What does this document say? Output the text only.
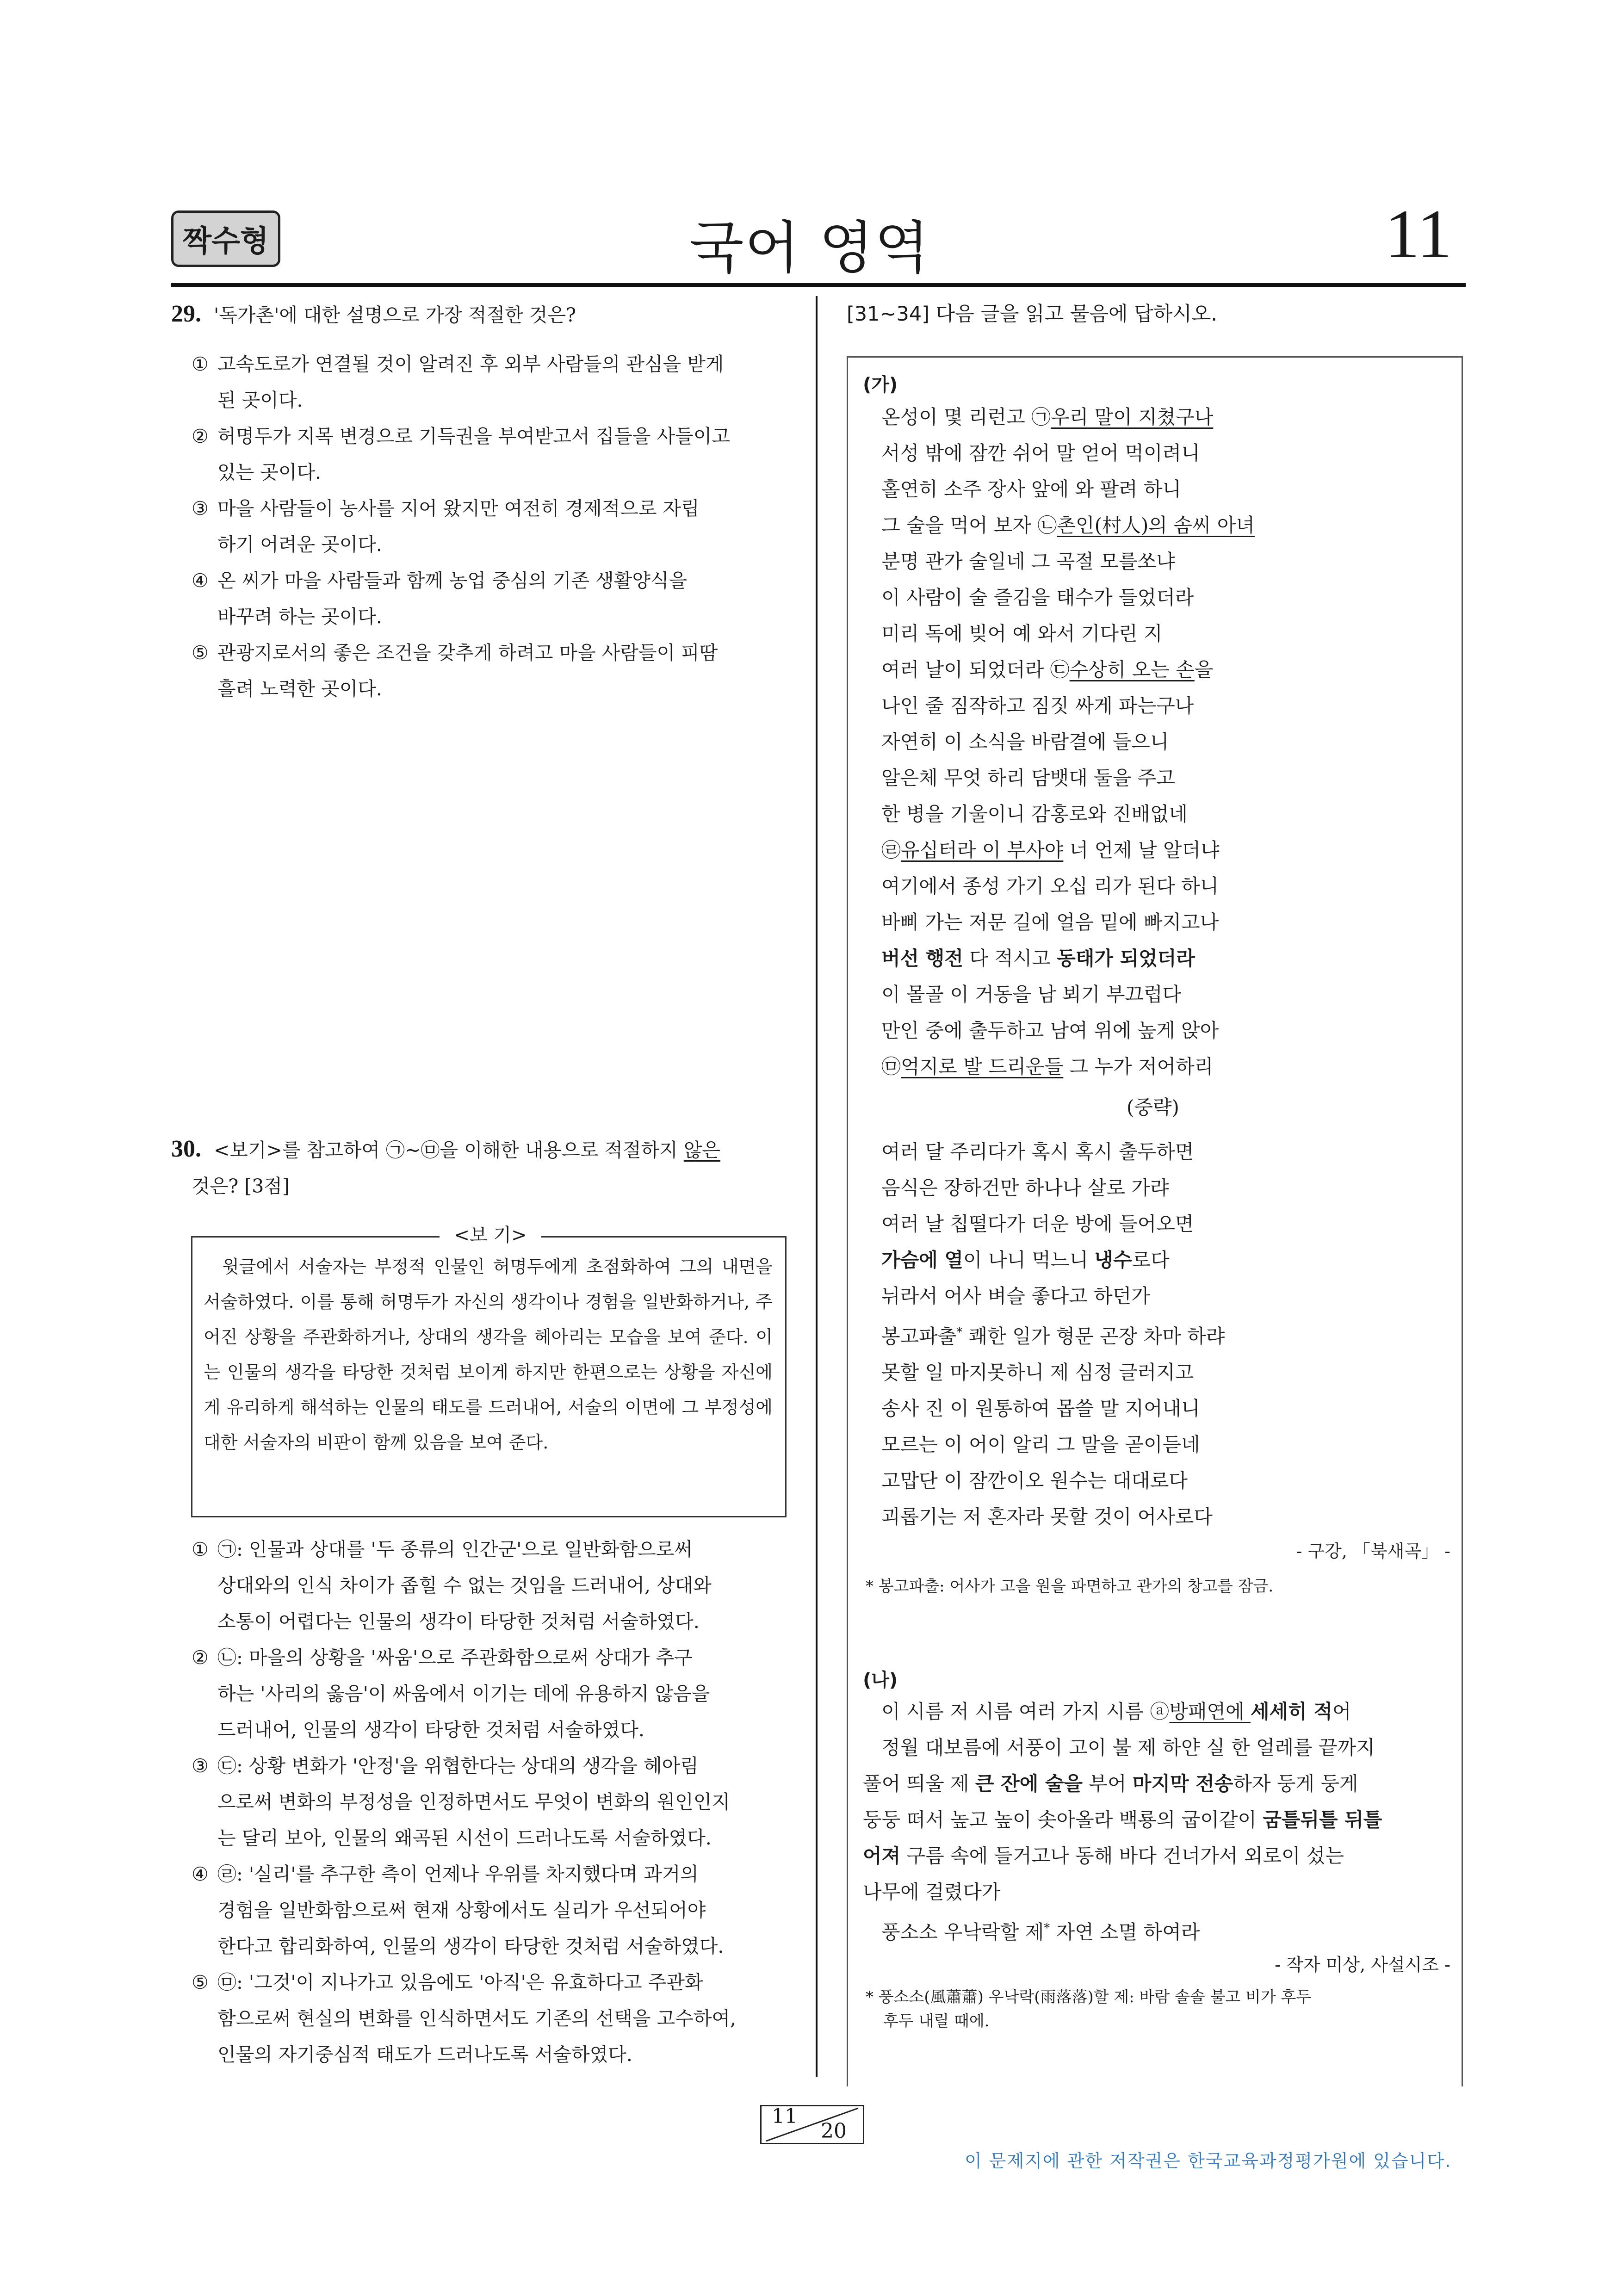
짝수형	국어 영역	11
29. '독가촌'에 대한 설명으로 가장 적절한 것은?
① 고속도로가 연결될 것이 알려진 후 외부 사람들의 관심을 받게
된 곳이다.
② 허명두가 지목 변경으로 기득권을 부여받고서 집들을 사들이고
있는 곳이다.
③ 마을 사람들이 농사를 지어 왔지만 여전히 경제적으로 자립
하기 어려운 곳이다.
④ 온 씨가 마을 사람들과 함께 농업 중심의 기존 생활양식을
바꾸려 하는 곳이다.
⑤ 관광지로서의 좋은 조건을 갖추게 하려고 마을 사람들이 피땀
흘려 노력한 곳이다.
30. <보기>를 참고하여 ㉠~㉤을 이해한 내용으로 적절하지 않은
것은? [3점]
<보 기>
윗글에서 서술자는 부정적 인물인 허명두에게 초점화하여 그의 내면을 서술하였다. 이를 통해 허명두가 자신의 생각이나 경험을 일반화하거나, 주어진 상황을 주관화하거나, 상대의 생각을 헤아리는 모습을 보여 준다. 이는 인물의 생각을 타당한 것처럼 보이게 하지만 한편으로는 상황을 자신에게 유리하게 해석하는 인물의 태도를 드러내어, 서술의 이면에 그 부정성에 대한 서술자의 비판이 함께 있음을 보여 준다.
① ㉠: 인물과 상대를 '두 종류의 인간군'으로 일반화함으로써
상대와의 인식 차이가 좁힐 수 없는 것임을 드러내어, 상대와
소통이 어렵다는 인물의 생각이 타당한 것처럼 서술하였다.
② ㉡: 마을의 상황을 '싸움'으로 주관화함으로써 상대가 추구
하는 '사리의 옳음'이 싸움에서 이기는 데에 유용하지 않음을
드러내어, 인물의 생각이 타당한 것처럼 서술하였다.
③ ㉢: 상황 변화가 '안정'을 위협한다는 상대의 생각을 헤아림
으로써 변화의 부정성을 인정하면서도 무엇이 변화의 원인인지
는 달리 보아, 인물의 왜곡된 시선이 드러나도록 서술하였다.
④ ㉣: '실리'를 추구한 측이 언제나 우위를 차지했다며 과거의
경험을 일반화함으로써 현재 상황에서도 실리가 우선되어야
한다고 합리화하여, 인물의 생각이 타당한 것처럼 서술하였다.
⑤ ㉤: '그것'이 지나가고 있음에도 '아직'은 유효하다고 주관화
함으로써 현실의 변화를 인식하면서도 기존의 선택을 고수하여,
인물의 자기중심적 태도가 드러나도록 서술하였다.
[31~34] 다음 글을 읽고 물음에 답하시오.
(가)
온성이 몇 리런고 ㉠우리 말이 지쳤구나
서성 밖에 잠깐 쉬어 말 얻어 먹이려니
홀연히 소주 장사 앞에 와 팔려 하니
그 술을 먹어 보자 ㉡촌인(村人)의 솜씨 아녀
분명 관가 술일네 그 곡절 모를쏘냐
이 사람이 술 즐김을 태수가 들었더라
미리 독에 빚어 예 와서 기다린 지
여러 날이 되었더라 ㉢수상히 오는 손을
나인 줄 짐작하고 짐짓 싸게 파는구나
자연히 이 소식을 바람결에 들으니
알은체 무엇 하리 담뱃대 둘을 주고
한 병을 기울이니 감홍로와 진배없네
㉣유십터라 이 부사야 너 언제 날 알더냐
여기에서 종성 가기 오십 리가 된다 하니
바삐 가는 저문 길에 얼음 밑에 빠지고나
버선 행전 다 적시고 동태가 되었더라
이 몰골 이 거동을 남 뵈기 부끄럽다
만인 중에 출두하고 남여 위에 높게 앉아
㉤억지로 발 드리운들 그 누가 저어하리
(중략)
여러 달 주리다가 혹시 혹시 출두하면
음식은 장하건만 하나나 살로 가랴
여러 날 칩떨다가 더운 방에 들어오면
가슴에 열이 나니 먹느니 냉수로다
뉘라서 어사 벼슬 좋다고 하던가
봉고파출* 쾌한 일가 형문 곤장 차마 하랴
못할 일 마지못하니 제 심정 글러지고
송사 진 이 원통하여 몹쓸 말 지어내니
모르는 이 어이 알리 그 말을 곧이듣네
고맙단 이 잠깐이오 원수는 대대로다
괴롭기는 저 혼자라 못할 것이 어사로다
- 구강, 「북새곡」 -
* 봉고파출: 어사가 고을 원을 파면하고 관가의 창고를 잠금.
(나)
이 시름 저 시름 여러 가지 시름 ⓐ방패연에 세세히 적어
정월 대보름에 서풍이 고이 불 제 하얀 실 한 얼레를 끝까지
풀어 띄울 제 큰 잔에 술을 부어 마지막 전송하자 둥게 둥게
둥둥 떠서 높고 높이 솟아올라 백룡의 굽이같이 굼틀뒤틀 뒤틀
어져 구름 속에 들거고나 동해 바다 건너가서 외로이 섰는
나무에 걸렸다가
풍소소 우낙락할 제* 자연 소멸 하여라
- 작자 미상, 사설시조 -
* 풍소소(風蕭蕭) 우낙락(雨落落)할 제: 바람 솔솔 불고 비가 후두
후두 내릴 때에.
11
20
이 문제지에 관한 저작권은 한국교육과정평가원에 있습니다.
